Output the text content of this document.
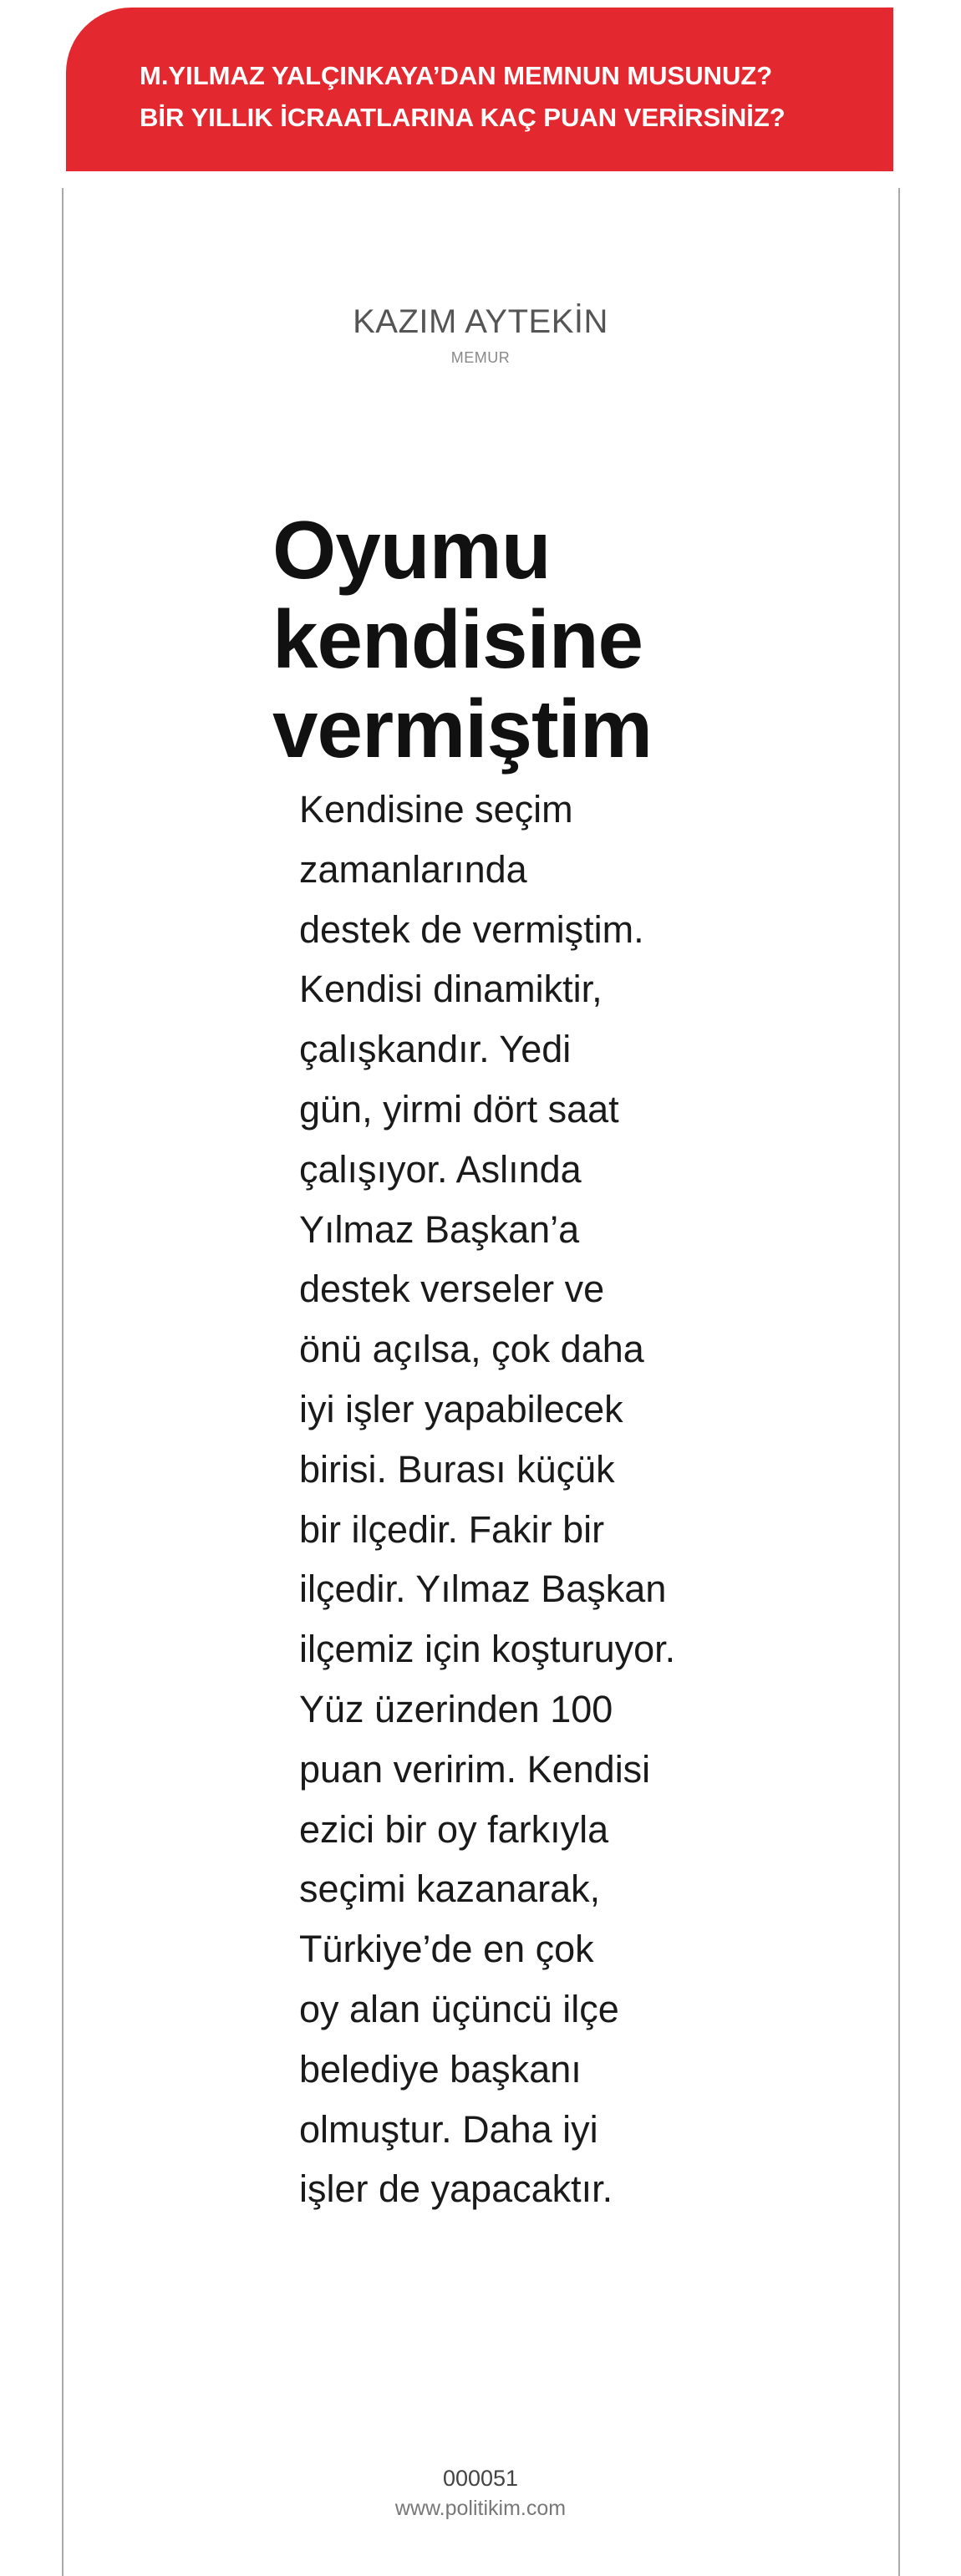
M.YILMAZ YALÇINKAYA’DAN MEMNUN MUSUNUZ?
BİR YILLIK İCRAATLARINA KAÇ PUAN VERİRSİNİZ?
KAZIM AYTEKİN
MEMUR
Oyumu
kendisine
vermiştim
Kendisine seçim
zamanlarında
destek de vermiştim.
Kendisi dinamiktir,
çalışkandır. Yedi
gün, yirmi dört saat
çalışıyor. Aslında
Yılmaz Başkan’a
destek verseler ve
önü açılsa, çok daha
iyi işler yapabilecek
birisi. Burası küçük
bir ilçedir. Fakir bir
ilçedir. Yılmaz Başkan
ilçemiz için koşturuyor.
Yüz üzerinden 100
puan veririm. Kendisi
ezici bir oy farkıyla
seçimi kazanarak,
Türkiye’de en çok
oy alan üçüncü ilçe
belediye başkanı
olmuştur. Daha iyi
işler de yapacaktır.
000051
www.politikim.com
